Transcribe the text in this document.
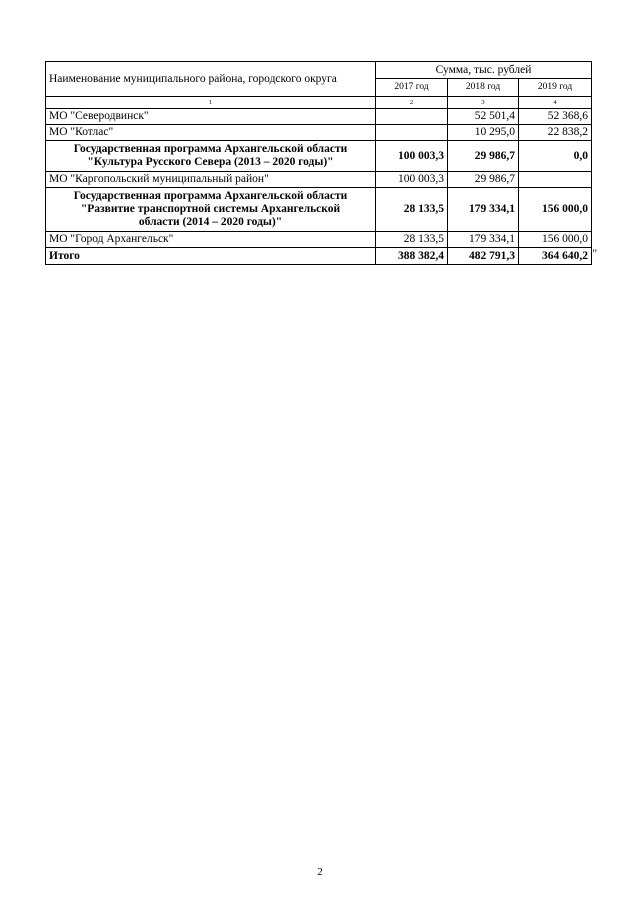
Наименование муниципального района, городского округа	Сумма, тыс. рублей		
	2017 год	2018 год	2019 год
1	2	3	4
МО "Северодвинск"		52 501,4	52 368,6
МО "Котлас"		10 295,0	22 838,2

Государственная программа Архангельской области
"Культура Русского Севера (2013 – 2020 годы)"	100 003,3	29 986,7	0,0
МО "Каргопольский муниципальный район"	100 003,3	29 986,7	

Государственная программа Архангельской области
"Развитие транспортной системы Архангельской
области (2014 – 2020 годы)"	28 133,5	179 334,1	156 000,0
МО "Город Архангельск"	28 133,5	179 334,1	156 000,0
Итого	388 382,4	482 791,3	364 640,2 "
2
